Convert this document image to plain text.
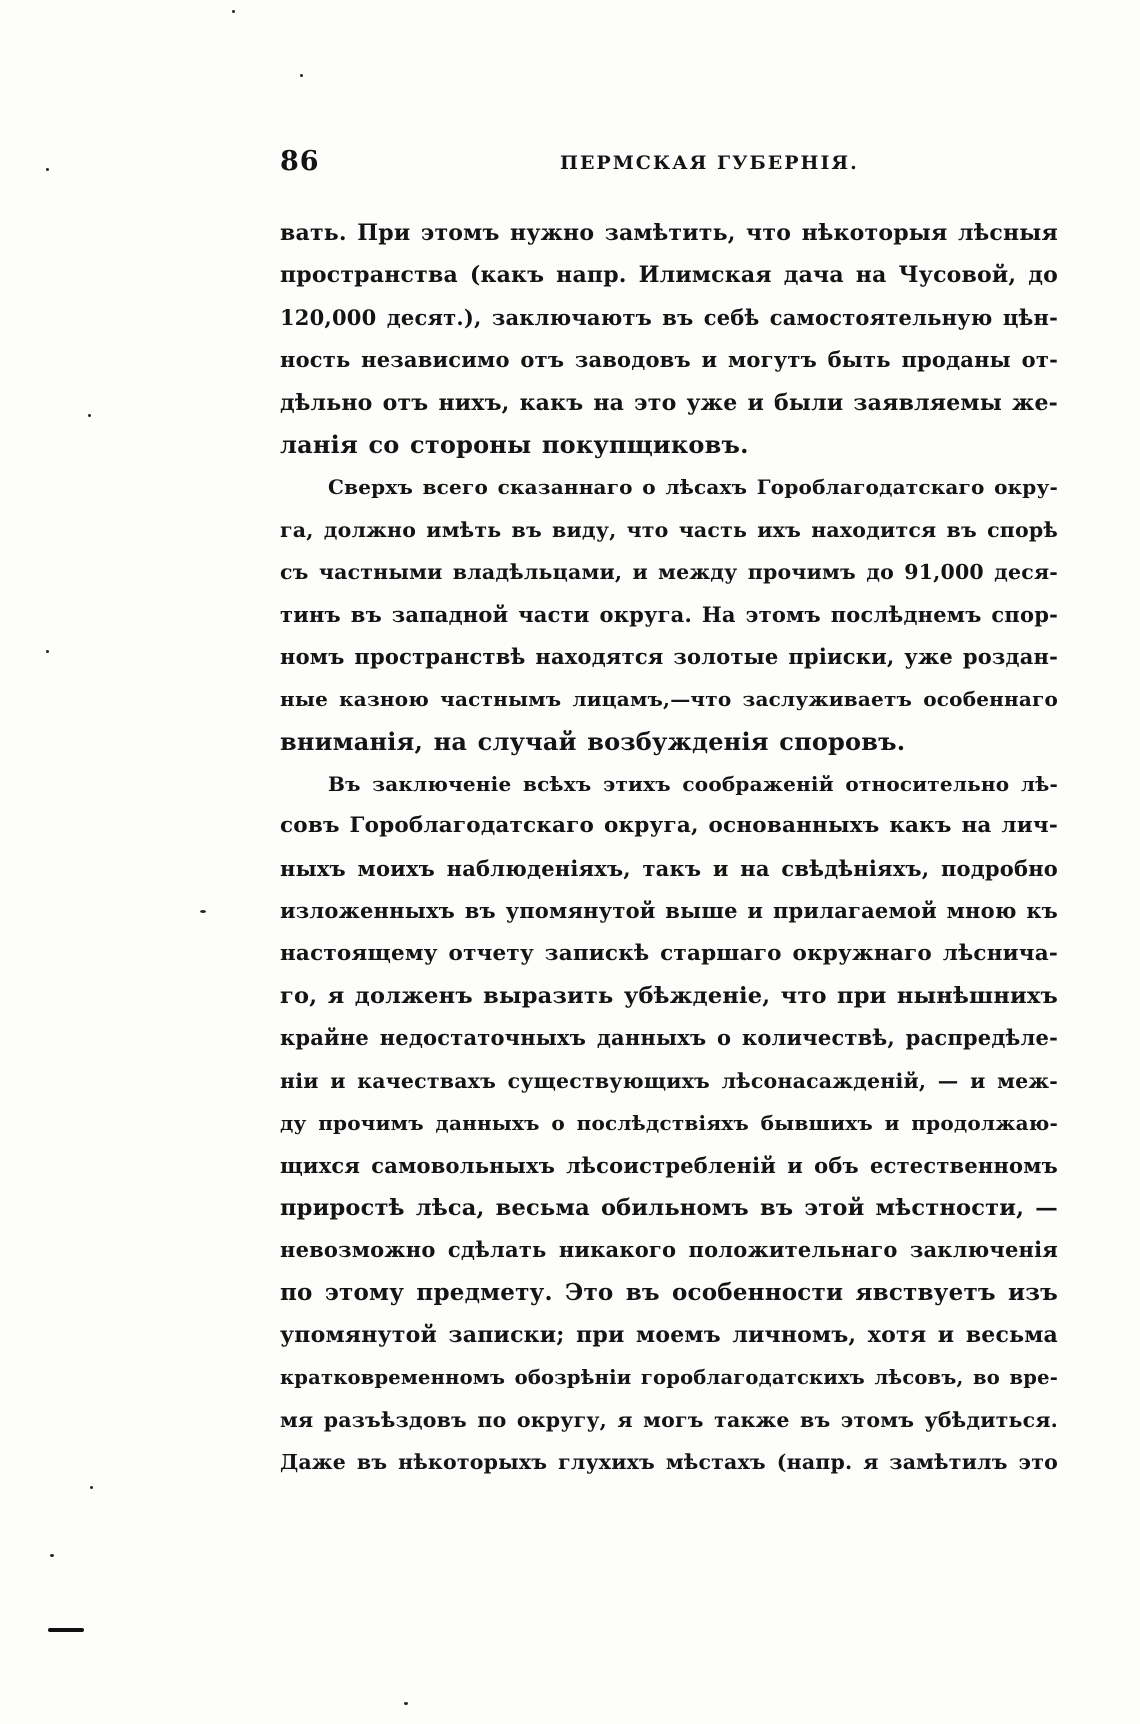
86	ПЕРМСКАЯ ГУБЕРНІЯ.
вать. При этомъ нужно замѣтить, что нѣкоторыя лѣсныя
пространства (какъ напр. Илимская дача на Чусовой, до
120,000 десят.), заключаютъ въ себѣ самостоятельную цѣн-
ность независимо отъ заводовъ и могутъ быть проданы от-
дѣльно отъ нихъ, какъ на это уже и были заявляемы же-
ланія со стороны покупщиковъ.
Сверхъ всего сказаннаго о лѣсахъ Гороблагодатскаго окру-
га, должно имѣть въ виду, что часть ихъ находится въ спорѣ
съ частными владѣльцами, и между прочимъ до 91,000 деся-
тинъ въ западной части округа. На этомъ послѣднемъ спор-
номъ пространствѣ находятся золотые пріиски, уже роздан-
ные казною частнымъ лицамъ,—что заслуживаетъ особеннаго
вниманія, на случай возбужденія споровъ.
Въ заключеніе всѣхъ этихъ соображеній относительно лѣ-
совъ Гороблагодатскаго округа, основанныхъ какъ на лич-
ныхъ моихъ наблюденіяхъ, такъ и на свѣдѣніяхъ, подробно
изложенныхъ въ упомянутой выше и прилагаемой мною къ
настоящему отчету запискѣ старшаго окружнаго лѣснича-
го, я долженъ выразить убѣжденіе, что при нынѣшнихъ
крайне недостаточныхъ данныхъ о количествѣ, распредѣле-
ніи и качествахъ существующихъ лѣсонасажденій, — и меж-
ду прочимъ данныхъ о послѣдствіяхъ бывшихъ и продолжаю-
щихся самовольныхъ лѣсоистребленій и объ естественномъ
приростѣ лѣса, весьма обильномъ въ этой мѣстности, —
невозможно сдѣлать никакого положительнаго заключенія
по этому предмету. Это въ особенности явствуетъ изъ
упомянутой записки; при моемъ личномъ, хотя и весьма
кратковременномъ обозрѣніи гороблагодатскихъ лѣсовъ, во вре-
мя разъѣздовъ по округу, я могъ также въ этомъ убѣдиться.
Даже въ нѣкоторыхъ глухихъ мѣстахъ (напр. я замѣтилъ это
